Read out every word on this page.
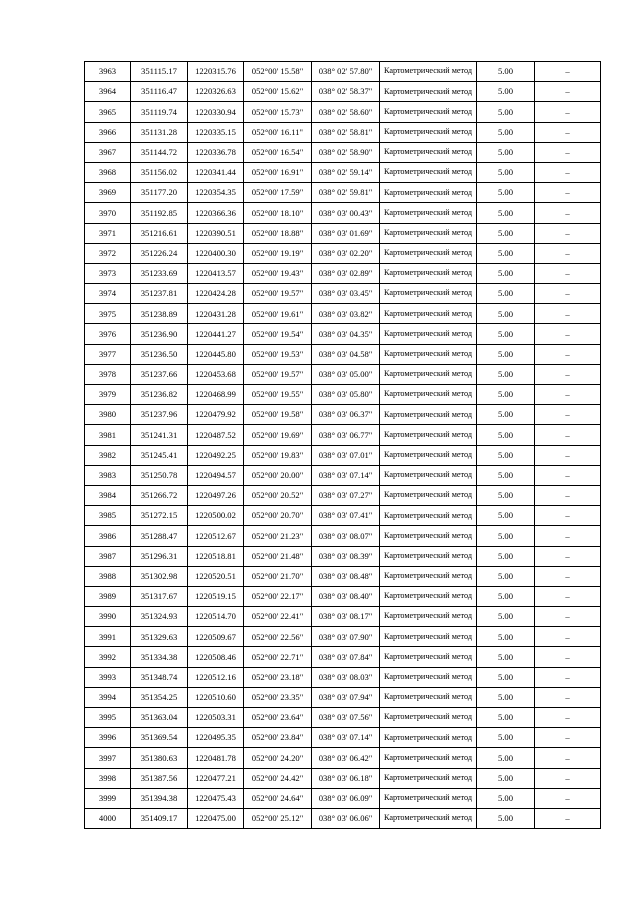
3963	351115.17	1220315.76	052°00' 15.58"	038° 02' 57.80"	Картометрический метод	5.00	–
3964	351116.47	1220326.63	052°00' 15.62"	038° 02' 58.37"	Картометрический метод	5.00	–
3965	351119.74	1220330.94	052°00' 15.73"	038° 02' 58.60"	Картометрический метод	5.00	–
3966	351131.28	1220335.15	052°00' 16.11"	038° 02' 58.81"	Картометрический метод	5.00	–
3967	351144.72	1220336.78	052°00' 16.54"	038° 02' 58.90"	Картометрический метод	5.00	–
3968	351156.02	1220341.44	052°00' 16.91"	038° 02' 59.14"	Картометрический метод	5.00	–
3969	351177.20	1220354.35	052°00' 17.59"	038° 02' 59.81"	Картометрический метод	5.00	–
3970	351192.85	1220366.36	052°00' 18.10"	038° 03' 00.43"	Картометрический метод	5.00	–
3971	351216.61	1220390.51	052°00' 18.88"	038° 03' 01.69"	Картометрический метод	5.00	–
3972	351226.24	1220400.30	052°00' 19.19"	038° 03' 02.20"	Картометрический метод	5.00	–
3973	351233.69	1220413.57	052°00' 19.43"	038° 03' 02.89"	Картометрический метод	5.00	–
3974	351237.81	1220424.28	052°00' 19.57"	038° 03' 03.45"	Картометрический метод	5.00	–
3975	351238.89	1220431.28	052°00' 19.61"	038° 03' 03.82"	Картометрический метод	5.00	–
3976	351236.90	1220441.27	052°00' 19.54"	038° 03' 04.35"	Картометрический метод	5.00	–
3977	351236.50	1220445.80	052°00' 19.53"	038° 03' 04.58"	Картометрический метод	5.00	–
3978	351237.66	1220453.68	052°00' 19.57"	038° 03' 05.00"	Картометрический метод	5.00	–
3979	351236.82	1220468.99	052°00' 19.55"	038° 03' 05.80"	Картометрический метод	5.00	–
3980	351237.96	1220479.92	052°00' 19.58"	038° 03' 06.37"	Картометрический метод	5.00	–
3981	351241.31	1220487.52	052°00' 19.69"	038° 03' 06.77"	Картометрический метод	5.00	–
3982	351245.41	1220492.25	052°00' 19.83"	038° 03' 07.01"	Картометрический метод	5.00	–
3983	351250.78	1220494.57	052°00' 20.00"	038° 03' 07.14"	Картометрический метод	5.00	–
3984	351266.72	1220497.26	052°00' 20.52"	038° 03' 07.27"	Картометрический метод	5.00	–
3985	351272.15	1220500.02	052°00' 20.70"	038° 03' 07.41"	Картометрический метод	5.00	–
3986	351288.47	1220512.67	052°00' 21.23"	038° 03' 08.07"	Картометрический метод	5.00	–
3987	351296.31	1220518.81	052°00' 21.48"	038° 03' 08.39"	Картометрический метод	5.00	–
3988	351302.98	1220520.51	052°00' 21.70"	038° 03' 08.48"	Картометрический метод	5.00	–
3989	351317.67	1220519.15	052°00' 22.17"	038° 03' 08.40"	Картометрический метод	5.00	–
3990	351324.93	1220514.70	052°00' 22.41"	038° 03' 08.17"	Картометрический метод	5.00	–
3991	351329.63	1220509.67	052°00' 22.56"	038° 03' 07.90"	Картометрический метод	5.00	–
3992	351334.38	1220508.46	052°00' 22.71"	038° 03' 07.84"	Картометрический метод	5.00	–
3993	351348.74	1220512.16	052°00' 23.18"	038° 03' 08.03"	Картометрический метод	5.00	–
3994	351354.25	1220510.60	052°00' 23.35"	038° 03' 07.94"	Картометрический метод	5.00	–
3995	351363.04	1220503.31	052°00' 23.64"	038° 03' 07.56"	Картометрический метод	5.00	–
3996	351369.54	1220495.35	052°00' 23.84"	038° 03' 07.14"	Картометрический метод	5.00	–
3997	351380.63	1220481.78	052°00' 24.20"	038° 03' 06.42"	Картометрический метод	5.00	–
3998	351387.56	1220477.21	052°00' 24.42"	038° 03' 06.18"	Картометрический метод	5.00	–
3999	351394.38	1220475.43	052°00' 24.64"	038° 03' 06.09"	Картометрический метод	5.00	–
4000	351409.17	1220475.00	052°00' 25.12"	038° 03' 06.06"	Картометрический метод	5.00	–
